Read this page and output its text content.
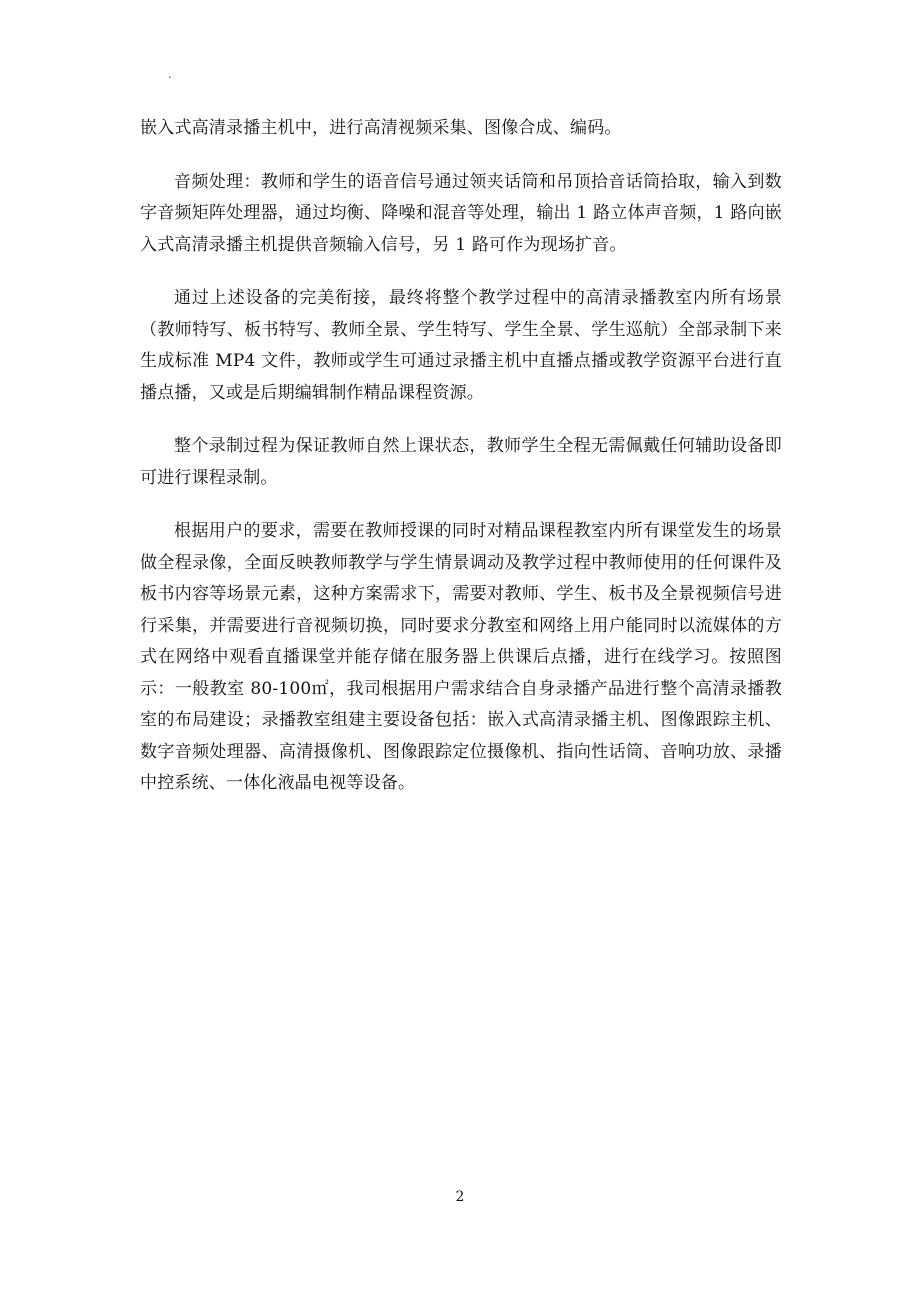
.

嵌入式高清录播主机中，进行高清视频采集、图像合成、编码。

音频处理：教师和学生的语音信号通过领夹话筒和吊顶拾音话筒拾取，输入到数字音频矩阵处理器，通过均衡、降噪和混音等处理，输出 1 路立体声音频，1 路向嵌入式高清录播主机提供音频输入信号，另 1 路可作为现场扩音。

通过上述设备的完美衔接，最终将整个教学过程中的高清录播教室内所有场景（教师特写、板书特写、教师全景、学生特写、学生全景、学生巡航）全部录制下来生成标准 MP4 文件，教师或学生可通过录播主机中直播点播或教学资源平台进行直播点播，又或是后期编辑制作精品课程资源。

整个录制过程为保证教师自然上课状态，教师学生全程无需佩戴任何辅助设备即可进行课程录制。

根据用户的要求，需要在教师授课的同时对精品课程教室内所有课堂发生的场景做全程录像，全面反映教师教学与学生情景调动及教学过程中教师使用的任何课件及板书内容等场景元素，这种方案需求下，需要对教师、学生、板书及全景视频信号进行采集，并需要进行音视频切换，同时要求分教室和网络上用户能同时以流媒体的方式在网络中观看直播课堂并能存储在服务器上供课后点播，进行在线学习。按照图示：一般教室 80-100㎡，我司根据用户需求结合自身录播产品进行整个高清录播教室的布局建设；录播教室组建主要设备包括：嵌入式高清录播主机、图像跟踪主机、数字音频处理器、高清摄像机、图像跟踪定位摄像机、指向性话筒、音响功放、录播中控系统、一体化液晶电视等设备。

2
